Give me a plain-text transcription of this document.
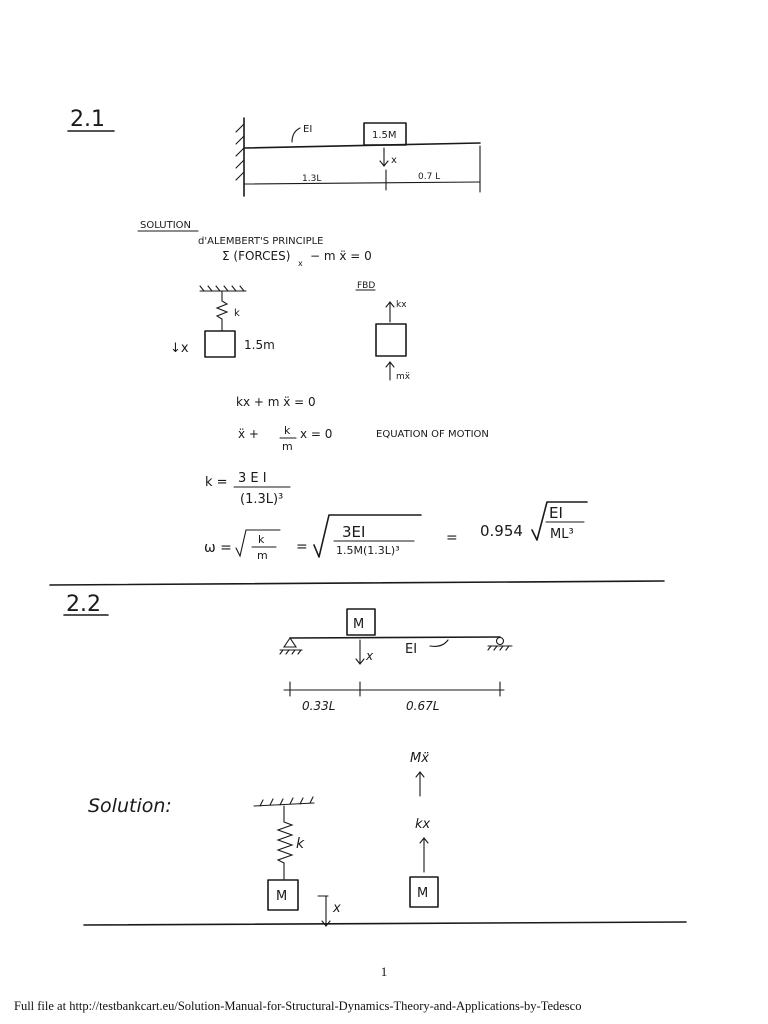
2.1	EI
1.5M
x
1.3L	0.7 L
SOLUTION
d'ALEMBERT'S PRINCIPLE
Σ (FORCES)
x
− m ẍ = 0
k
1.5m
↓x
FBD
kx
mẍ
kx + m ẍ = 0
ẍ + k
m
x = 0	EQUATION OF MOTION
k = 3 E I
(1.3L)³
ω =
k
m
=
3EI
1.5M(1.3L)³
= 0.954
EI
ML³
2.2
M
x EI
0.33L	0.67L
Solution:
k
M
x
Mẍ
kx
M
1
Full file at http://testbankcart.eu/Solution-Manual-for-Structural-Dynamics-Theory-and-Applications-by-Tedesco
